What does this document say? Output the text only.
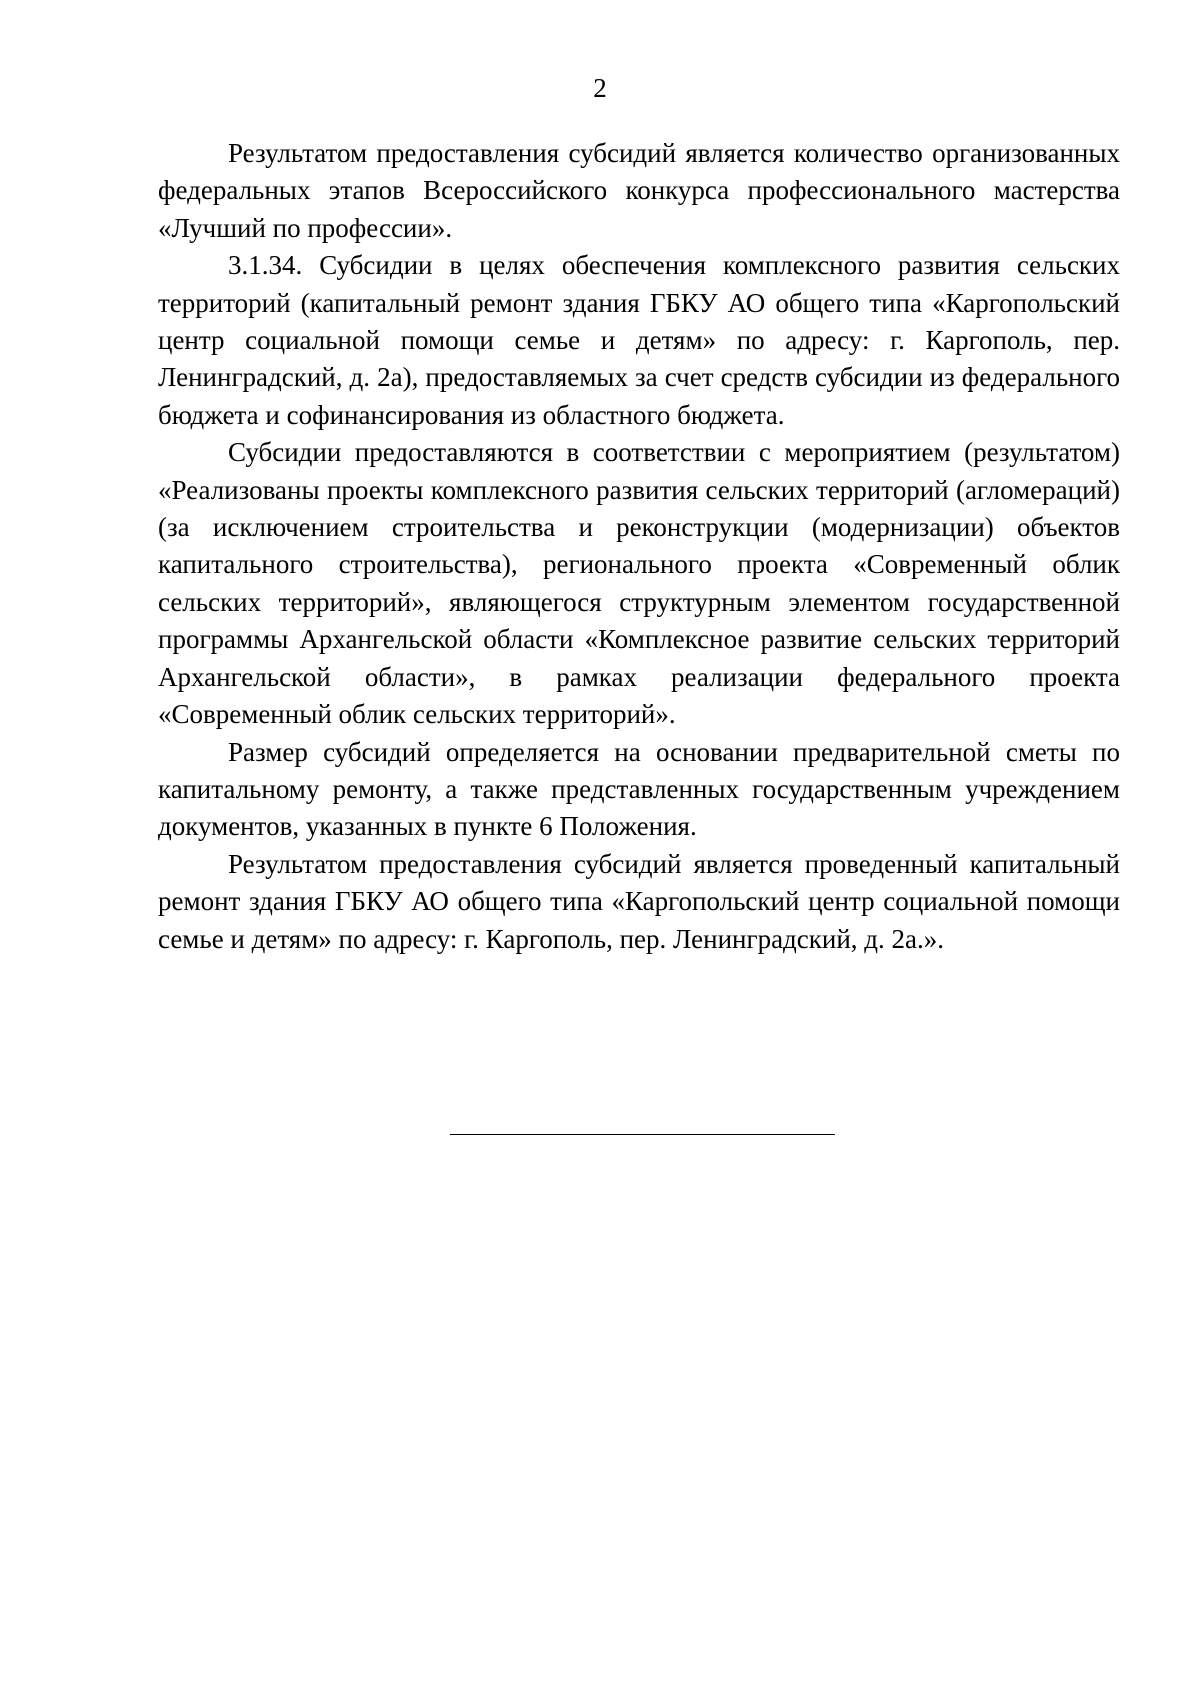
2

Результатом предоставления субсидий является количество организованных федеральных этапов Всероссийского конкурса профессионального мастерства «Лучший по профессии».

3.1.34. Субсидии в целях обеспечения комплексного развития сельских территорий (капитальный ремонт здания ГБКУ АО общего типа «Каргопольский центр социальной помощи семье и детям» по адресу: г. Каргополь, пер. Ленинградский, д. 2а), предоставляемых за счет средств субсидии из федерального бюджета и софинансирования из областного бюджета.

Субсидии предоставляются в соответствии с мероприятием (результатом) «Реализованы проекты комплексного развития сельских территорий (агломераций) (за исключением строительства и реконструкции (модернизации) объектов капитального строительства), регионального проекта «Современный облик сельских территорий», являющегося структурным элементом государственной программы Архангельской области «Комплексное развитие сельских территорий Архангельской области», в рамках реализации федерального проекта «Современный облик сельских территорий».

Размер субсидий определяется на основании предварительной сметы по капитальному ремонту, а также представленных государственным учреждением документов, указанных в пункте 6 Положения.

Результатом предоставления субсидий является проведенный капитальный ремонт здания ГБКУ АО общего типа «Каргопольский центр социальной помощи семье и детям» по адресу: г. Каргополь, пер. Ленинградский, д. 2а.».
